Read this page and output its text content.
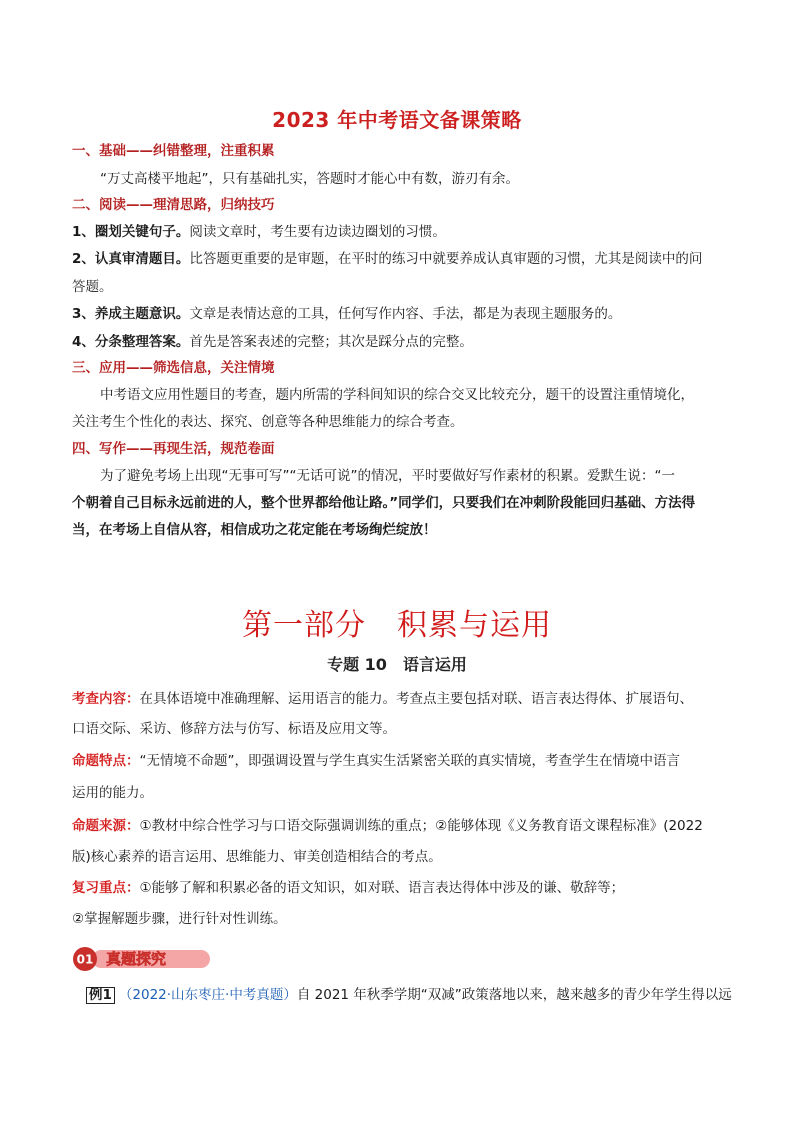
2023 年中考语文备课策略
一、基础——纠错整理，注重积累
“万丈高楼平地起”，只有基础扎实，答题时才能心中有数，游刃有余。
二、阅读——理清思路，归纳技巧
1、圈划关键句子。阅读文章时，考生要有边读边圈划的习惯。
2、认真审清题目。比答题更重要的是审题，在平时的练习中就要养成认真审题的习惯，尤其是阅读中的问
答题。
3、养成主题意识。文章是表情达意的工具，任何写作内容、手法，都是为表现主题服务的。
4、分条整理答案。首先是答案表述的完整；其次是踩分点的完整。
三、应用——筛选信息，关注情境
中考语文应用性题目的考查，题内所需的学科间知识的综合交叉比较充分，题干的设置注重情境化，
关注考生个性化的表达、探究、创意等各种思维能力的综合考查。
四、写作——再现生活，规范卷面
为了避免考场上出现“无事可写”“无话可说”的情况，平时要做好写作素材的积累。爱默生说：“一
个朝着自己目标永远前进的人，整个世界都给他让路。”同学们，只要我们在冲刺阶段能回归基础、方法得
当，在考场上自信从容，相信成功之花定能在考场绚烂绽放！
第一部分　积累与运用
专题 10　语言运用
考查内容：在具体语境中准确理解、运用语言的能力。考查点主要包括对联、语言表达得体、扩展语句、
口语交际、采访、修辞方法与仿写、标语及应用文等。
命题特点：“无情境不命题”，即强调设置与学生真实生活紧密关联的真实情境，考查学生在情境中语言
运用的能力。
命题来源：①教材中综合性学习与口语交际强调训练的重点；②能够体现《义务教育语文课程标准》(2022
版)核心素养的语言运用、思维能力、审美创造相结合的考点。
复习重点：①能够了解和积累必备的语文知识，如对联、语言表达得体中涉及的谦、敬辞等；
②掌握解题步骤，进行针对性训练。
01 真题探究
例1 （2022·山东枣庄·中考真题）自 2021 年秋季学期“双减”政策落地以来，越来越多的青少年学生得以远
